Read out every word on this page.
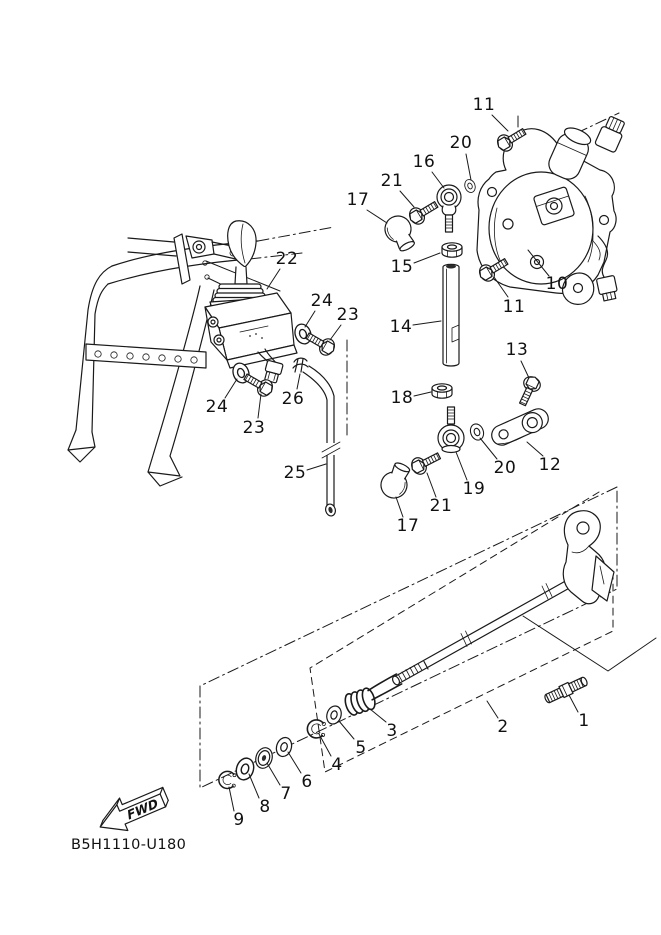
FWD
11
20
16
21
17
15
10
11
22
24
23
14
13
18
24
23
26
20 12
19
21
17
25
2	1
3
5
4
6
7
8
9
B5H1110-U180
